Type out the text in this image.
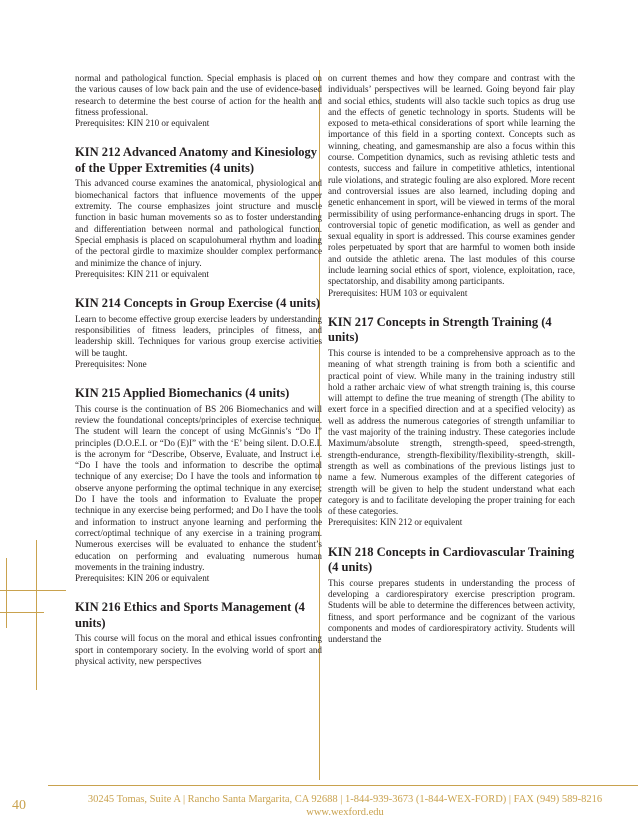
normal and pathological function. Special emphasis is placed on the various causes of low back pain and the use of evidence-based research to determine the best course of action for the health and fitness professional.

Prerequisites: KIN 210 or equivalent

KIN 212 Advanced Anatomy and Kinesiology of the Upper Extremities (4 units)

This advanced course examines the anatomical, physiological and biomechanical factors that influence movements of the upper extremity. The course emphasizes joint structure and muscle function in basic human movements so as to foster understanding and differentiation between normal and pathological function. Special emphasis is placed on scapulohumeral rhythm and loading of the pectoral girdle to maximize shoulder complex performance and minimize the chance of injury.

Prerequisites: KIN 211 or equivalent

KIN 214 Concepts in Group Exercise (4 units)

Learn to become effective group exercise leaders by understanding responsibilities of fitness leaders, principles of fitness, and leadership skill. Techniques for various group exercise activities will be taught.

Prerequisites: None

KIN 215 Applied Biomechanics (4 units)

This course is the continuation of BS 206 Biomechanics and will review the foundational concepts/principles of exercise technique. The student will learn the concept of using McGinnis’s “Do I” principles (D.O.E.I. or “Do (E)I” with the ‘E’ being silent. D.O.E.I. is the acronym for “Describe, Observe, Evaluate, and Instruct i.e. “Do I have the tools and information to describe the optimal technique of any exercise; Do I have the tools and information to observe anyone performing the optimal technique in any exercise; Do I have the tools and information to Evaluate the proper technique in any exercise being performed; and Do I have the tools and information to instruct anyone learning and performing the correct/optimal technique of any exercise in a training program. Numerous exercises will be evaluated to enhance the student’s education on performing and evaluating numerous human movements in the training industry.

Prerequisites: KIN 206 or equivalent

KIN 216 Ethics and Sports Management (4 units)

This course will focus on the moral and ethical issues confronting sport in contemporary society. In the evolving world of sport and physical activity, new perspectives

on current themes and how they compare and contrast with the individuals’ perspectives will be learned. Going beyond fair play and social ethics, students will also tackle such topics as drug use and the effects of genetic technology in sports. Students will be exposed to meta-ethical considerations of sport while learning the importance of this field in a sporting context. Concepts such as winning, cheating, and gamesmanship are also a focus within this course. Competition dynamics, such as revising athletic tests and contests, success and failure in competitive athletics, intentional rule violations, and strategic fouling are also explored. More recent and controversial issues are also learned, including doping and genetic enhancement in sport, will be viewed in terms of the moral permissibility of using performance-enhancing drugs in sport. The controversial topic of genetic modification, as well as gender and sexual equality in sport is addressed. This course examines gender roles perpetuated by sport that are harmful to women both inside and outside the athletic arena. The last modules of this course include learning social ethics of sport, violence, exploitation, race, spectatorship, and disability among participants.

Prerequisites: HUM 103 or equivalent

KIN 217 Concepts in Strength Training (4 units)

This course is intended to be a comprehensive approach as to the meaning of what strength training is from both a scientific and practical point of view. While many in the training industry still hold a rather archaic view of what strength training is, this course will attempt to define the true meaning of strength (The ability to exert force in a specified direction and at a specified velocity) as well as address the numerous categories of strength unfamiliar to the vast majority of the training industry. These categories include Maximum/absolute strength, strength-speed, speed-strength, strength-endurance, strength-flexibility/flexibility-strength, skill-strength as well as combinations of the previous listings just to name a few. Numerous examples of the different categories of strength will be given to help the student understand what each category is and to facilitate developing the proper training for each of these categories.

Prerequisites: KIN 212 or equivalent

KIN 218 Concepts in Cardiovascular Training (4 units)

This course prepares students in understanding the process of developing a cardiorespiratory exercise prescription program. Students will be able to determine the differences between activity, fitness, and sport performance and be cognizant of the various components and modes of cardiorespiratory activity. Students will understand the

40	30245 Tomas, Suite A | Rancho Santa Margarita, CA 92688 | 1-844-939-3673 (1-844-WEX-FORD) | FAX (949) 589-8216
www.wexford.edu
